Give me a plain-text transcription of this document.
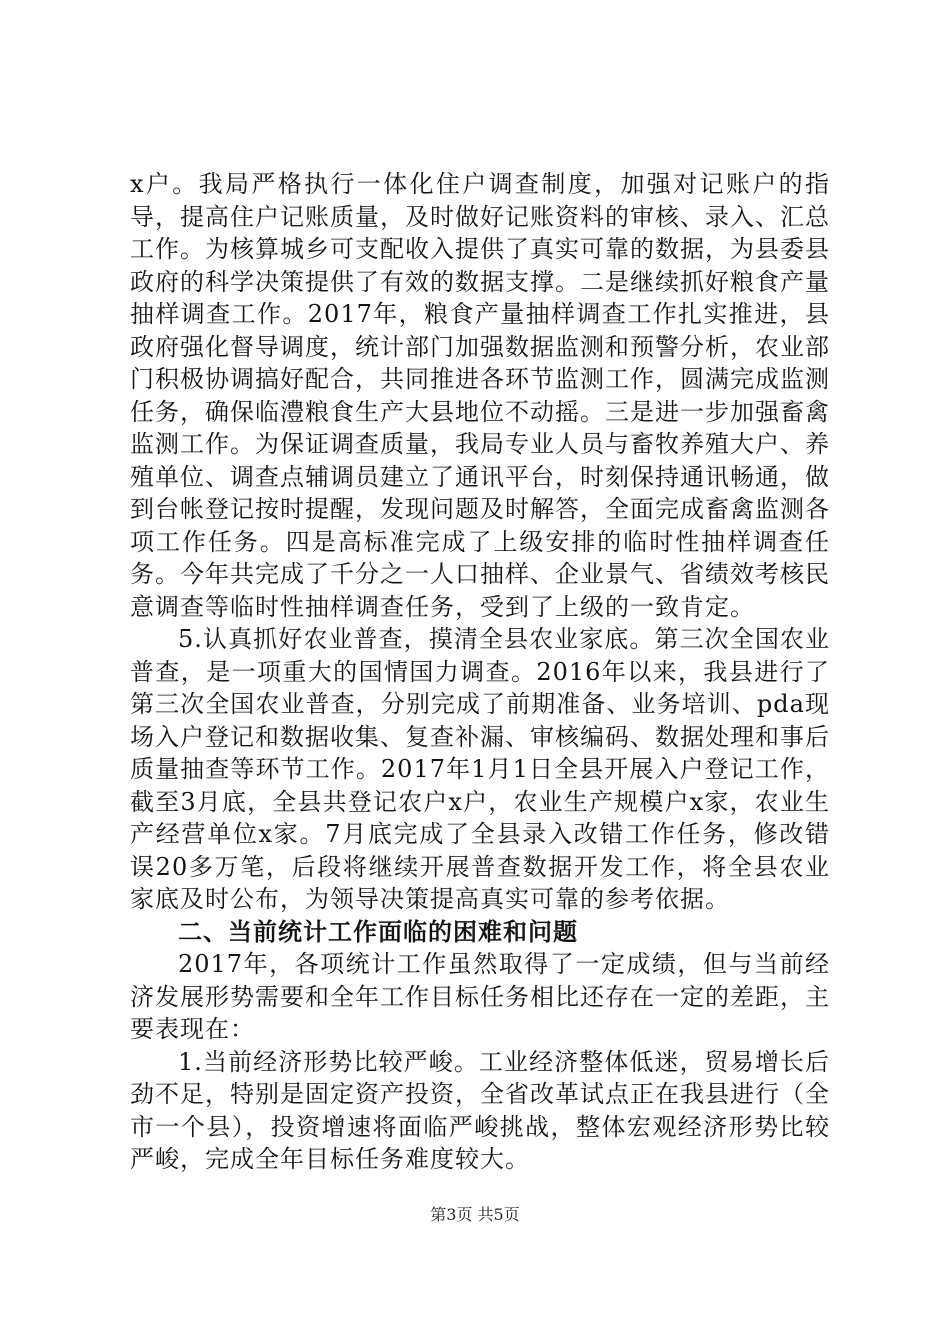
x户。我局严格执行一体化住户调查制度，加强对记账户的指导，提高住户记账质量，及时做好记账资料的审核、录入、汇总工作。为核算城乡可支配收入提供了真实可靠的数据，为县委县政府的科学决策提供了有效的数据支撑。二是继续抓好粮食产量抽样调查工作。2017年，粮食产量抽样调查工作扎实推进，县政府强化督导调度，统计部门加强数据监测和预警分析，农业部门积极协调搞好配合，共同推进各环节监测工作，圆满完成监测任务，确保临澧粮食生产大县地位不动摇。三是进一步加强畜禽监测工作。为保证调查质量，我局专业人员与畜牧养殖大户、养殖单位、调查点辅调员建立了通讯平台，时刻保持通讯畅通，做到台帐登记按时提醒，发现问题及时解答，全面完成畜禽监测各项工作任务。四是高标准完成了上级安排的临时性抽样调查任务。今年共完成了千分之一人口抽样、企业景气、省绩效考核民意调查等临时性抽样调查任务，受到了上级的一致肯定。

5.认真抓好农业普查，摸清全县农业家底。第三次全国农业普查，是一项重大的国情国力调查。2016年以来，我县进行了第三次全国农业普查，分别完成了前期准备、业务培训、pda现场入户登记和数据收集、复查补漏、审核编码、数据处理和事后质量抽查等环节工作。2017年1月1日全县开展入户登记工作，截至3月底，全县共登记农户x户，农业生产规模户x家，农业生产经营单位x家。7月底完成了全县录入改错工作任务，修改错误20多万笔，后段将继续开展普查数据开发工作，将全县农业家底及时公布，为领导决策提高真实可靠的参考依据。

二、当前统计工作面临的困难和问题

2017年，各项统计工作虽然取得了一定成绩，但与当前经济发展形势需要和全年工作目标任务相比还存在一定的差距，主要表现在：

1.当前经济形势比较严峻。工业经济整体低迷，贸易增长后劲不足，特别是固定资产投资，全省改革试点正在我县进行（全市一个县），投资增速将面临严峻挑战，整体宏观经济形势比较严峻，完成全年目标任务难度较大。

第3页 共5页
